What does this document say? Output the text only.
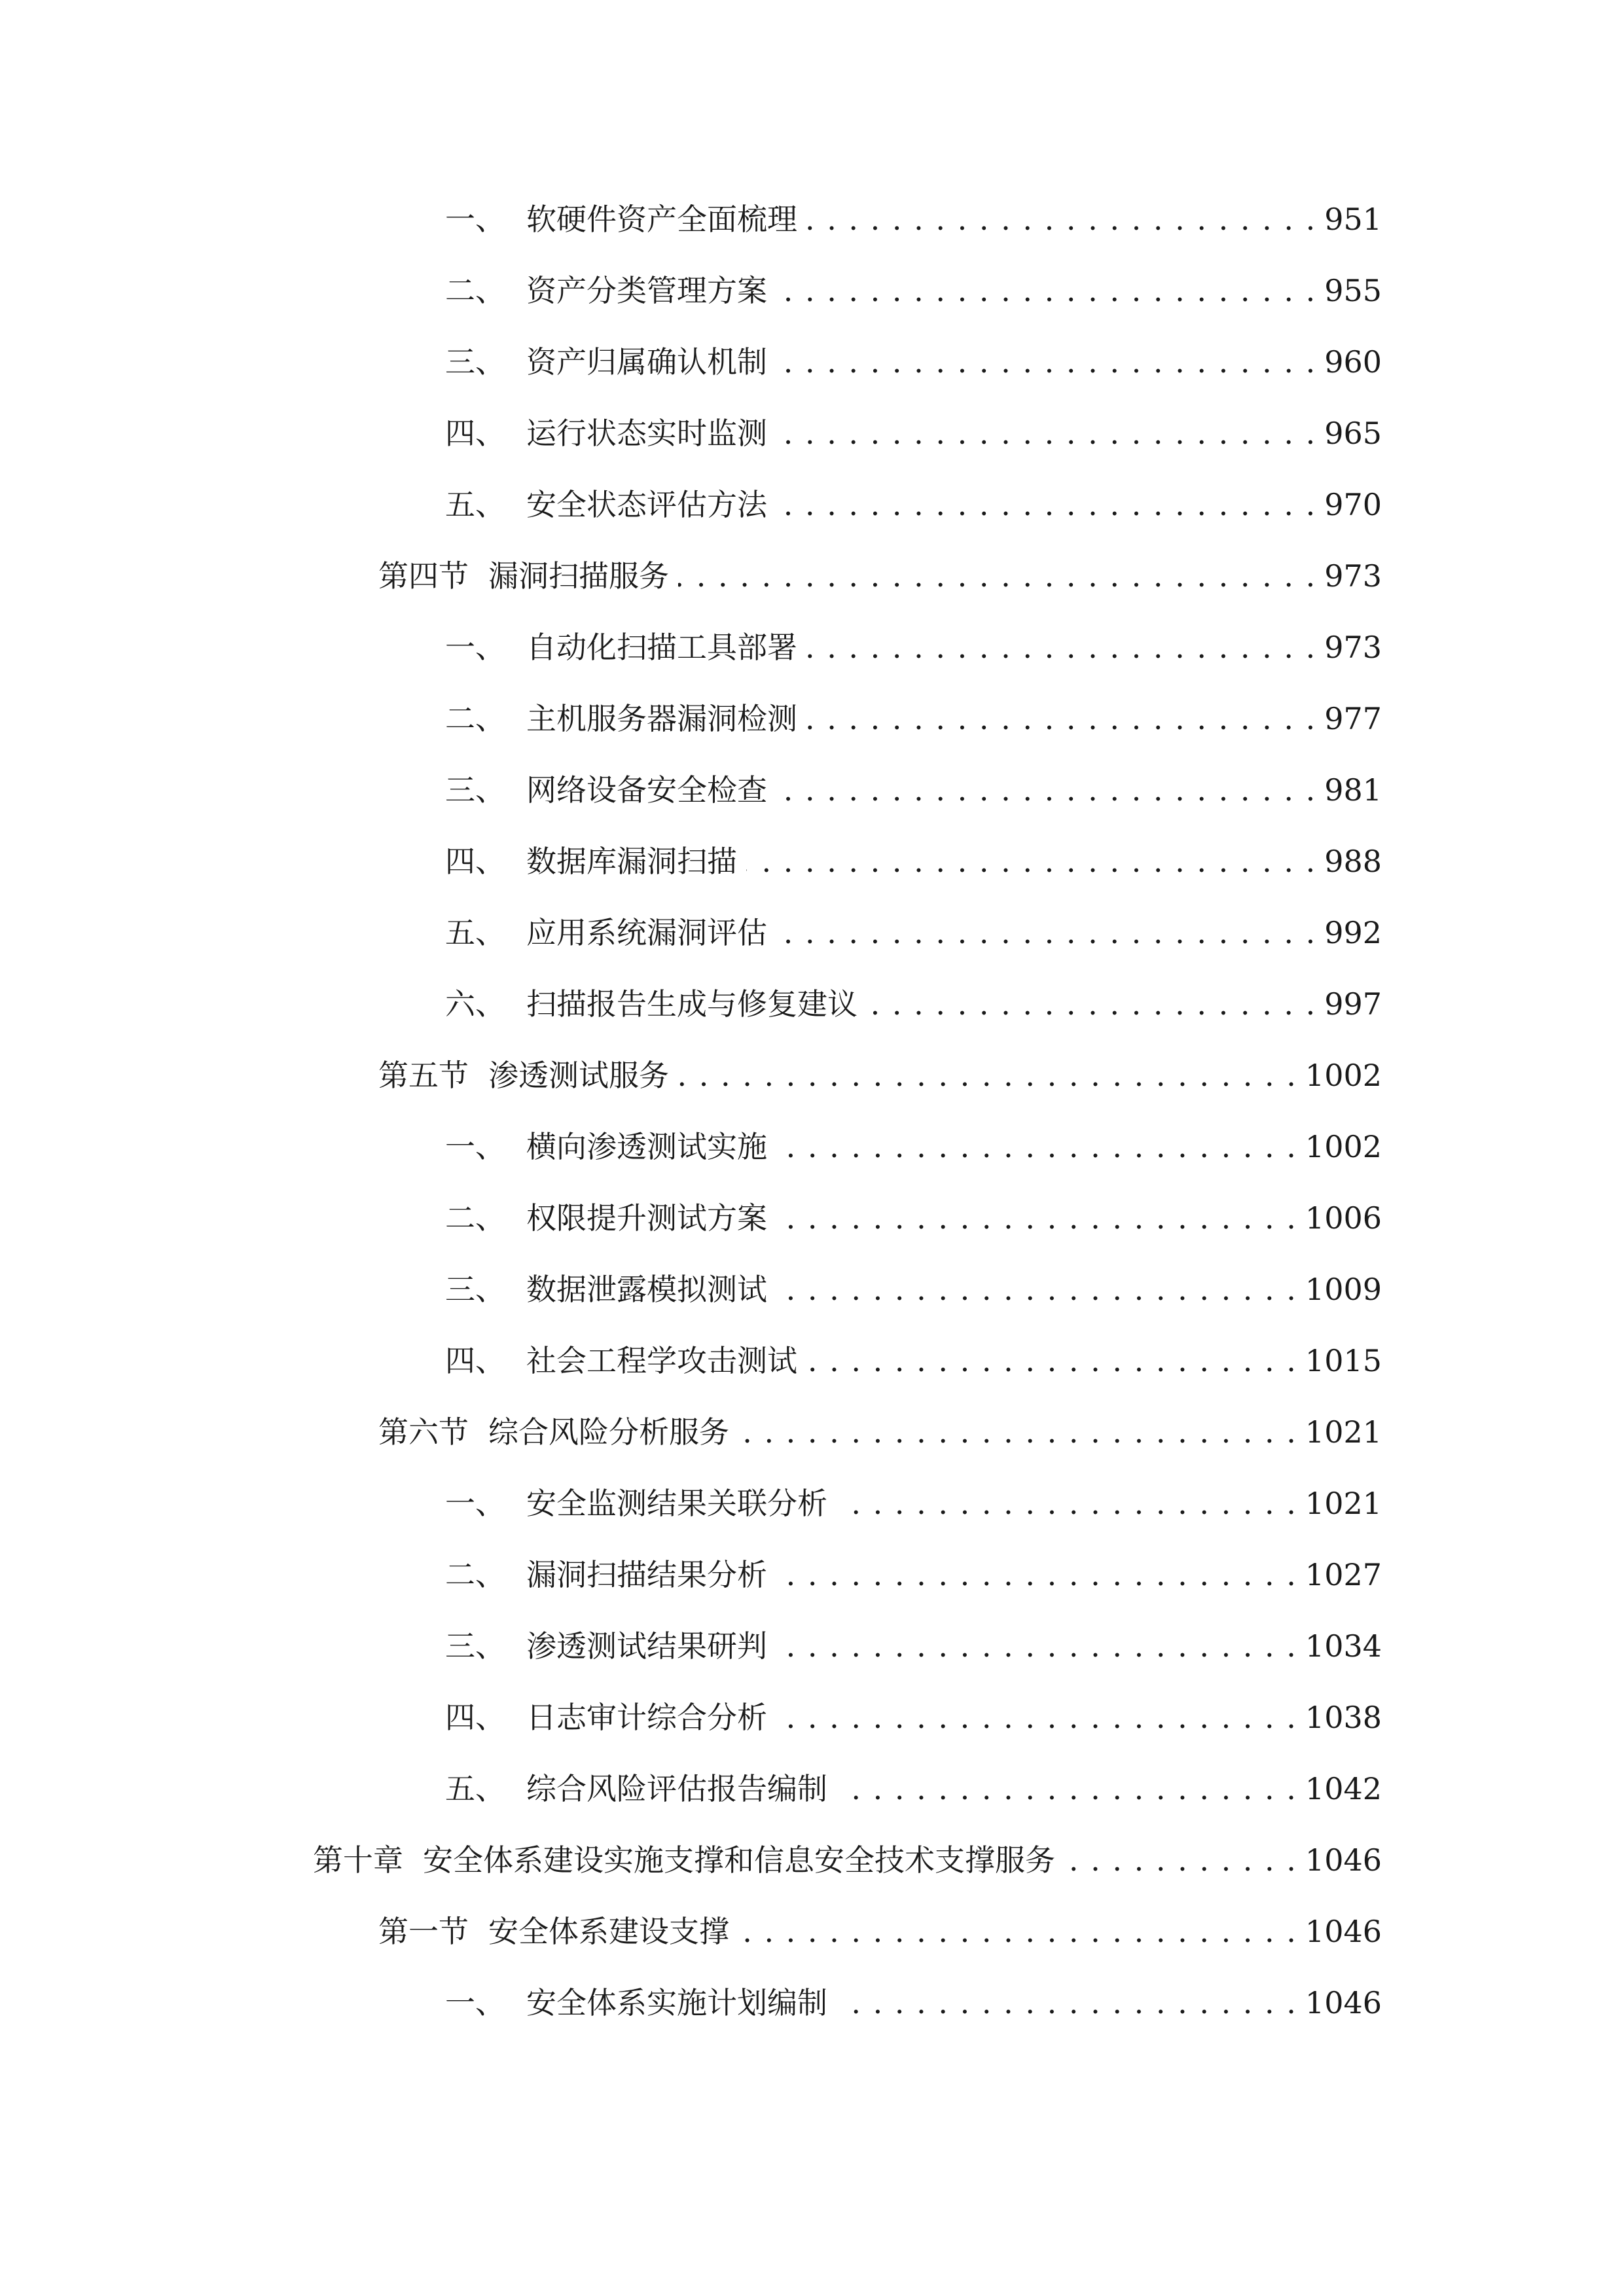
一、 软硬件资产全面梳理 . . .	951
二、 资产分类管理方案 . . .	955
三、 资产归属确认机制 . . .	960
四、 运行状态实时监测 . . .	965
五、 安全状态评估方法 . . .	970
第四节 漏洞扫描服务 . . .	973
一、 自动化扫描工具部署 . . .	973
二、 主机服务器漏洞检测 . . .	977
三、 网络设备安全检查 . . .	981
四、 数据库漏洞扫描 . . .	988
五、 应用系统漏洞评估 . . .	992
六、 扫描报告生成与修复建议 . . .	997
第五节 渗透测试服务 . . .	1002
一、 横向渗透测试实施 . . .	1002
二、 权限提升测试方案 . . .	1006
三、 数据泄露模拟测试 . . .	1009
四、 社会工程学攻击测试 . . .	1015
第六节 综合风险分析服务 . . .	1021
一、 安全监测结果关联分析 . . .	1021
二、 漏洞扫描结果分析 . . .	1027
三、 渗透测试结果研判 . . .	1034
四、 日志审计综合分析 . . .	1038
五、 综合风险评估报告编制 . . .	1042
第十章 安全体系建设实施支撑和信息安全技术支撑服务 . . .	1046
第一节 安全体系建设支撑 . . .	1046
一、 安全体系实施计划编制 . . .	1046
